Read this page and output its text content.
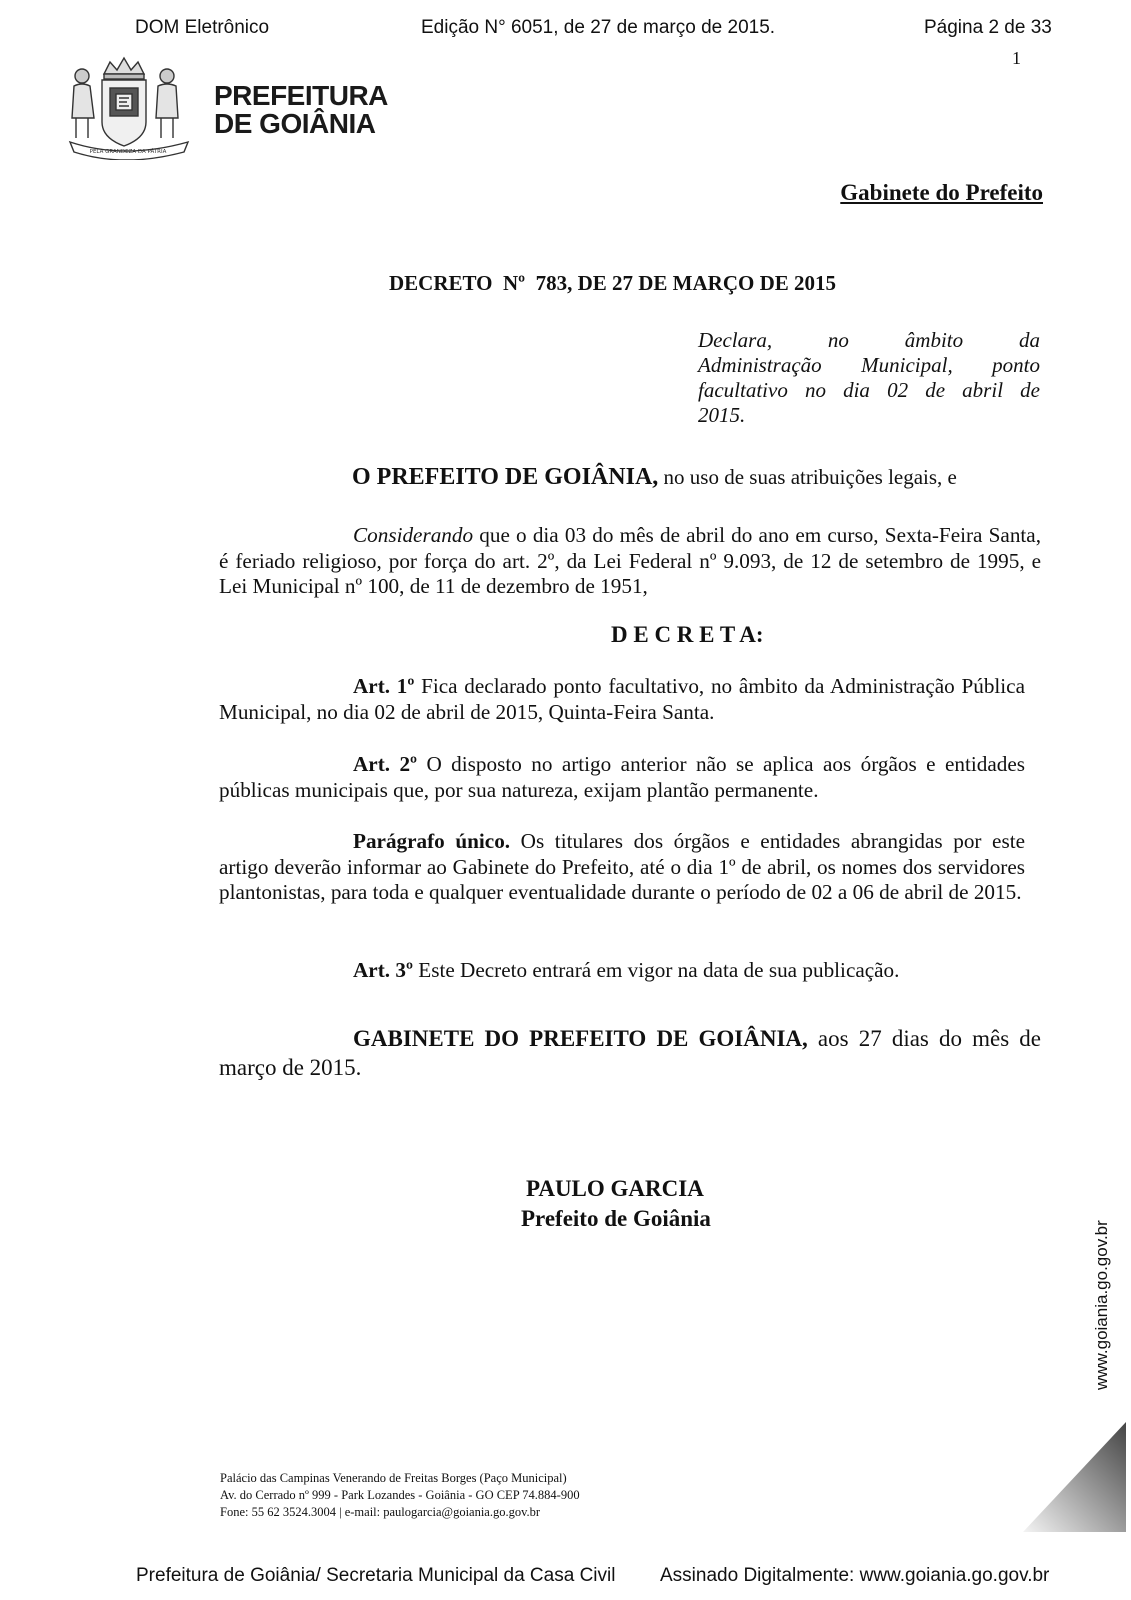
DOM Eletrônico	Edição N° 6051, de 27 de março de 2015.	Página 2 de 33
1
PELA GRANDEZA DA PÁTRIA
PREFEITURA
DE GOIÂNIA
Gabinete do Prefeito
DECRETO  Nº  783, DE 27 DE MARÇO DE 2015
Declara,  no  âmbito  da
Administração  Municipal,  ponto
facultativo  no  dia  02  de  abril  de
2015.
O PREFEITO DE GOIÂNIA, no uso de suas atribuições legais, e
Considerando que o dia 03 do mês de abril do ano em curso, Sexta-Feira Santa, é feriado religioso, por força do art. 2º, da Lei Federal nº 9.093, de 12 de setembro de 1995, e Lei Municipal nº 100, de 11 de dezembro de 1951,
D E C R E T A:
Art. 1º Fica declarado ponto facultativo, no âmbito da Administração Pública Municipal, no dia 02 de abril de 2015, Quinta-Feira Santa.
Art. 2º O disposto no artigo anterior não se aplica aos órgãos e entidades públicas municipais que, por sua natureza, exijam plantão permanente.
Parágrafo único. Os titulares dos órgãos e entidades abrangidas por este artigo deverão informar ao Gabinete do Prefeito, até o dia 1º de abril, os nomes dos servidores plantonistas, para toda e qualquer eventualidade durante o período de 02 a 06 de abril de 2015.
Art. 3º Este Decreto entrará em vigor na data de sua publicação.
GABINETE DO PREFEITO DE GOIÂNIA, aos 27 dias do mês de março de 2015.
PAULO GARCIA
Prefeito de Goiânia
www.goiania.go.gov.br
Palácio das Campinas Venerando de Freitas Borges (Paço Municipal)
Av. do Cerrado nº 999 - Park Lozandes - Goiânia - GO CEP 74.884-900
Fone: 55 62 3524.3004 | e-mail: paulogarcia@goiania.go.gov.br
Prefeitura de Goiânia/ Secretaria Municipal da Casa Civil Assinado Digitalmente: www.goiania.go.gov.br
